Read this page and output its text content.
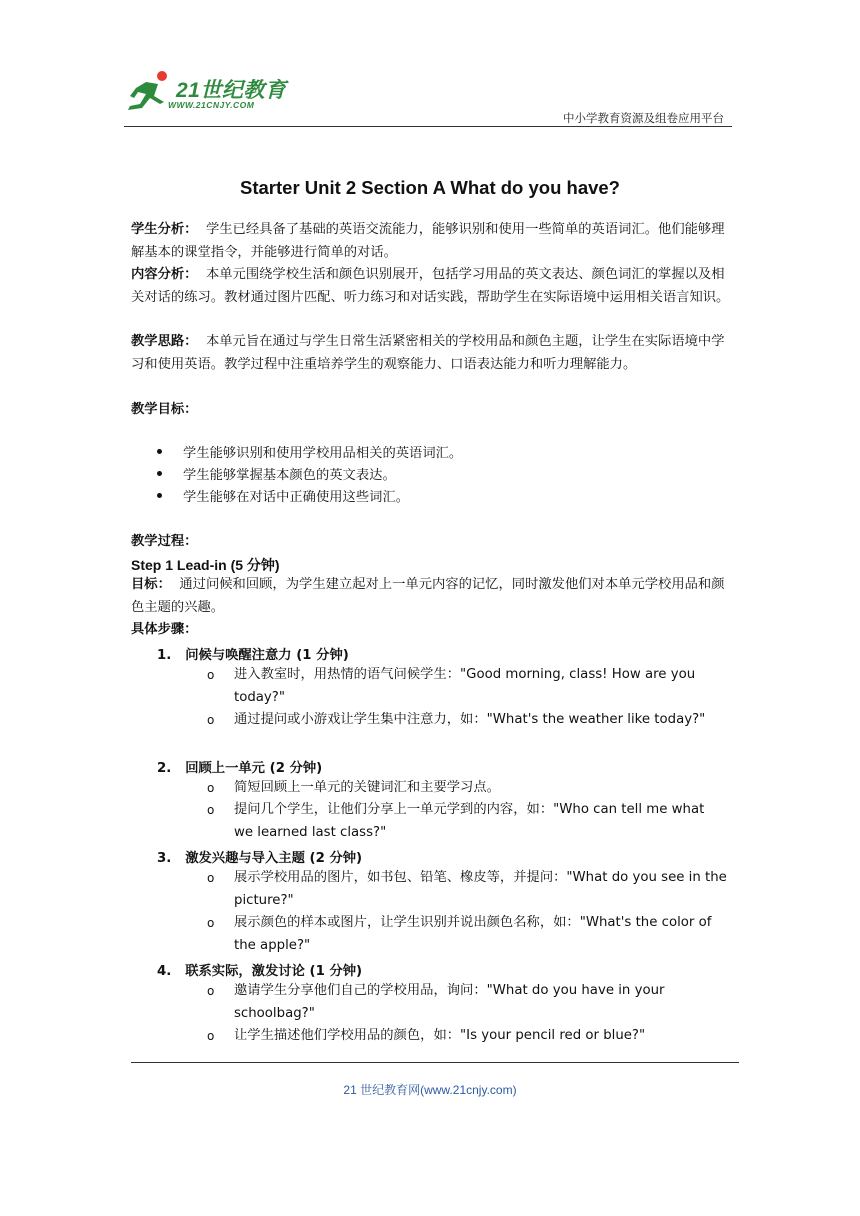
21世纪教育
WWW.21CNJY.COM
中小学教育资源及组卷应用平台
Starter Unit 2 Section A What do you have?
学生分析： 学生已经具备了基础的英语交流能力，能够识别和使用一些简单的英语词汇。他们能够理解基本的课堂指令，并能够进行简单的对话。
内容分析： 本单元围绕学校生活和颜色识别展开，包括学习用品的英文表达、颜色词汇的掌握以及相关对话的练习。教材通过图片匹配、听力练习和对话实践，帮助学生在实际语境中运用相关语言知识。
教学思路： 本单元旨在通过与学生日常生活紧密相关的学校用品和颜色主题，让学生在实际语境中学习和使用英语。教学过程中注重培养学生的观察能力、口语表达能力和听力理解能力。
教学目标：
学生能够识别和使用学校用品相关的英语词汇。
学生能够掌握基本颜色的英文表达。
学生能够在对话中正确使用这些词汇。
教学过程：
Step 1 Lead-in (5 分钟)
目标： 通过问候和回顾，为学生建立起对上一单元内容的记忆，同时激发他们对本单元学校用品和颜色主题的兴趣。
具体步骤：
1. 问候与唤醒注意力 (1 分钟)
o 进入教室时，用热情的语气问候学生："Good morning, class! How are you today?"
o 通过提问或小游戏让学生集中注意力，如："What's the weather like today?"
2. 回顾上一单元 (2 分钟)
o 简短回顾上一单元的关键词汇和主要学习点。
o 提问几个学生，让他们分享上一单元学到的内容，如："Who can tell me what we learned last class?"
3. 激发兴趣与导入主题 (2 分钟)
o 展示学校用品的图片，如书包、铅笔、橡皮等，并提问："What do you see in the picture?"
o 展示颜色的样本或图片，让学生识别并说出颜色名称，如："What's the color of the apple?"
4. 联系实际，激发讨论 (1 分钟)
o 邀请学生分享他们自己的学校用品，询问："What do you have in your schoolbag?"
o 让学生描述他们学校用品的颜色，如："Is your pencil red or blue?"
21 世纪教育网(www.21cnjy.com)
